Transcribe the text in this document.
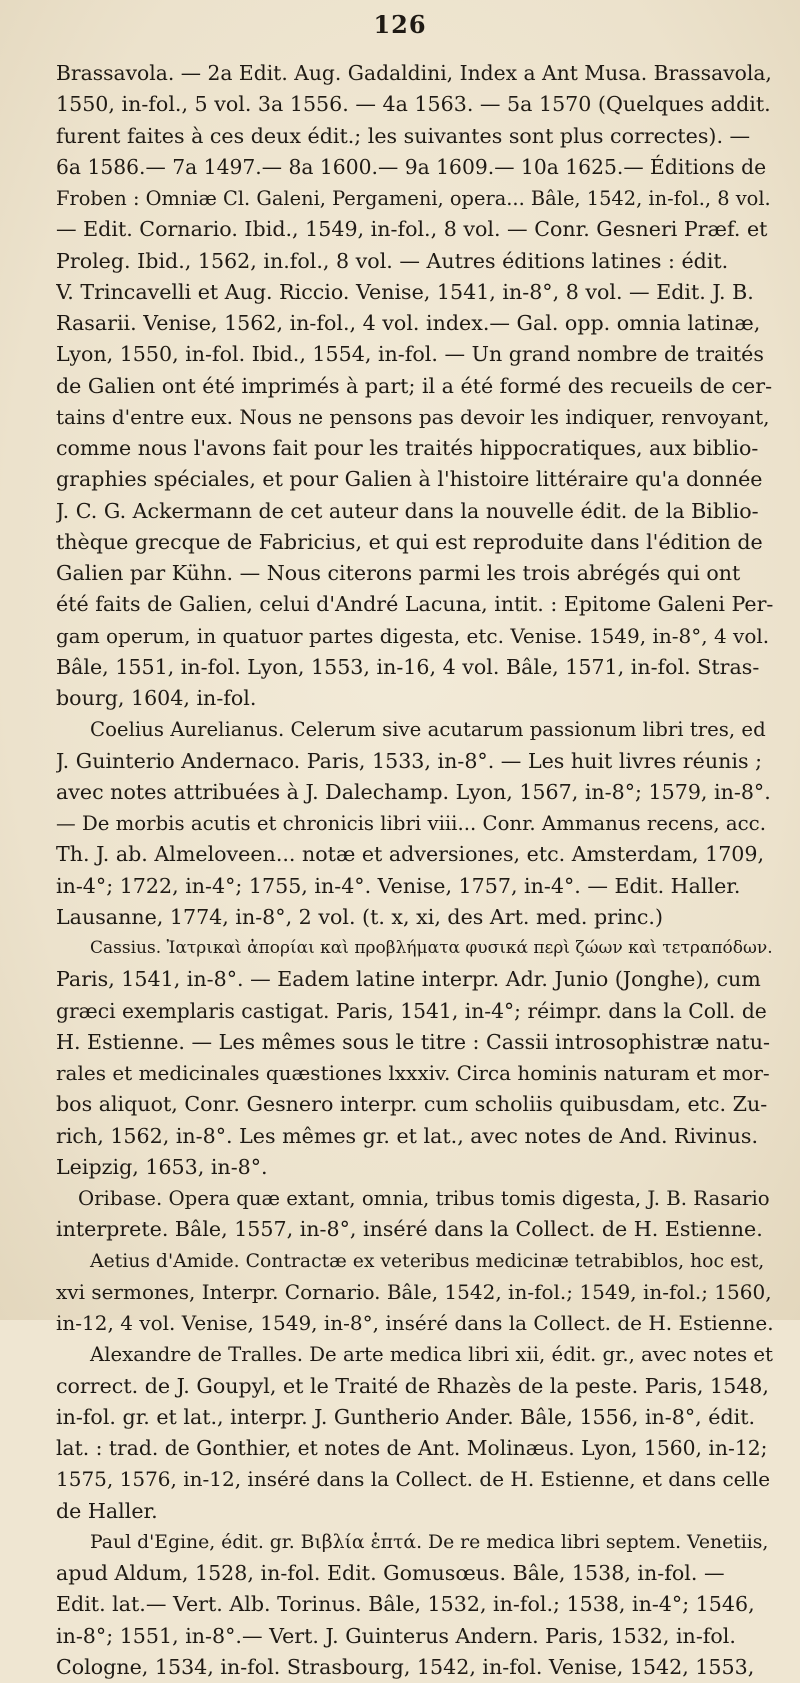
126
Brassavola. — 2a Edit. Aug. Gadaldini, Index a Ant Musa. Brassavola,
1550, in-fol., 5 vol. 3a 1556. — 4a 1563. — 5a 1570 (Quelques addit.
furent faites à ces deux édit.; les suivantes sont plus correctes). —
6a 1586.— 7a 1497.— 8a 1600.— 9a 1609.— 10a 1625.— Éditions de
Froben : Omniæ Cl. Galeni, Pergameni, opera... Bâle, 1542, in-fol., 8 vol.
— Edit. Cornario. Ibid., 1549, in-fol., 8 vol. — Conr. Gesneri Præf. et
Proleg. Ibid., 1562, in.fol., 8 vol. — Autres éditions latines : édit.
V. Trincavelli et Aug. Riccio. Venise, 1541, in-8°, 8 vol. — Edit. J. B.
Rasarii. Venise, 1562, in-fol., 4 vol. index.— Gal. opp. omnia latinæ,
Lyon, 1550, in-fol. Ibid., 1554, in-fol. — Un grand nombre de traités
de Galien ont été imprimés à part; il a été formé des recueils de cer-
tains d'entre eux. Nous ne pensons pas devoir les indiquer, renvoyant,
comme nous l'avons fait pour les traités hippocratiques, aux biblio-
graphies spéciales, et pour Galien à l'histoire littéraire qu'a donnée
J. C. G. Ackermann de cet auteur dans la nouvelle édit. de la Biblio-
thèque grecque de Fabricius, et qui est reproduite dans l'édition de
Galien par Kühn. — Nous citerons parmi les trois abrégés qui ont
été faits de Galien, celui d'André Lacuna, intit. : Epitome Galeni Per-
gam operum, in quatuor partes digesta, etc. Venise. 1549, in-8°, 4 vol.
Bâle, 1551, in-fol. Lyon, 1553, in-16, 4 vol. Bâle, 1571, in-fol. Stras-
bourg, 1604, in-fol.
Coelius Aurelianus. Celerum sive acutarum passionum libri tres, ed
J. Guinterio Andernaco. Paris, 1533, in-8°. — Les huit livres réunis ;
avec notes attribuées à J. Dalechamp. Lyon, 1567, in-8°; 1579, in-8°.
— De morbis acutis et chronicis libri viii... Conr. Ammanus recens, acc.
Th. J. ab. Almeloveen... notæ et adversiones, etc. Amsterdam, 1709,
in-4°; 1722, in-4°; 1755, in-4°. Venise, 1757, in-4°. — Edit. Haller.
Lausanne, 1774, in-8°, 2 vol. (t. x, xi, des Art. med. princ.)
Cassius. Ἰατρικαὶ ἀπορίαι καὶ προβλήματα φυσικά περὶ ζώων καὶ τετραπόδων.
Paris, 1541, in-8°. — Eadem latine interpr. Adr. Junio (Jonghe), cum
græci exemplaris castigat. Paris, 1541, in-4°; réimpr. dans la Coll. de
H. Estienne. — Les mêmes sous le titre : Cassii introsophistræ natu-
rales et medicinales quæstiones lxxxiv. Circa hominis naturam et mor-
bos aliquot, Conr. Gesnero interpr. cum scholiis quibusdam, etc. Zu-
rich, 1562, in-8°. Les mêmes gr. et lat., avec notes de And. Rivinus.
Leipzig, 1653, in-8°.
Oribase. Opera quæ extant, omnia, tribus tomis digesta, J. B. Rasario
interprete. Bâle, 1557, in-8°, inséré dans la Collect. de H. Estienne.
Aetius d'Amide. Contractæ ex veteribus medicinæ tetrabiblos, hoc est,
xvi sermones, Interpr. Cornario. Bâle, 1542, in-fol.; 1549, in-fol.; 1560,
in-12, 4 vol. Venise, 1549, in-8°, inséré dans la Collect. de H. Estienne.
Alexandre de Tralles. De arte medica libri xii, édit. gr., avec notes et
correct. de J. Goupyl, et le Traité de Rhazès de la peste. Paris, 1548,
in-fol. gr. et lat., interpr. J. Guntherio Ander. Bâle, 1556, in-8°, édit.
lat. : trad. de Gonthier, et notes de Ant. Molinæus. Lyon, 1560, in-12;
1575, 1576, in-12, inséré dans la Collect. de H. Estienne, et dans celle
de Haller.
Paul d'Egine, édit. gr. Βιβλία ἑπτά. De re medica libri septem. Venetiis,
apud Aldum, 1528, in-fol. Edit. Gomusœus. Bâle, 1538, in-fol. —
Edit. lat.— Vert. Alb. Torinus. Bâle, 1532, in-fol.; 1538, in-4°; 1546,
in-8°; 1551, in-8°.— Vert. J. Guinterus Andern. Paris, 1532, in-fol.
Cologne, 1534, in-fol. Strasbourg, 1542, in-fol. Venise, 1542, 1553,
